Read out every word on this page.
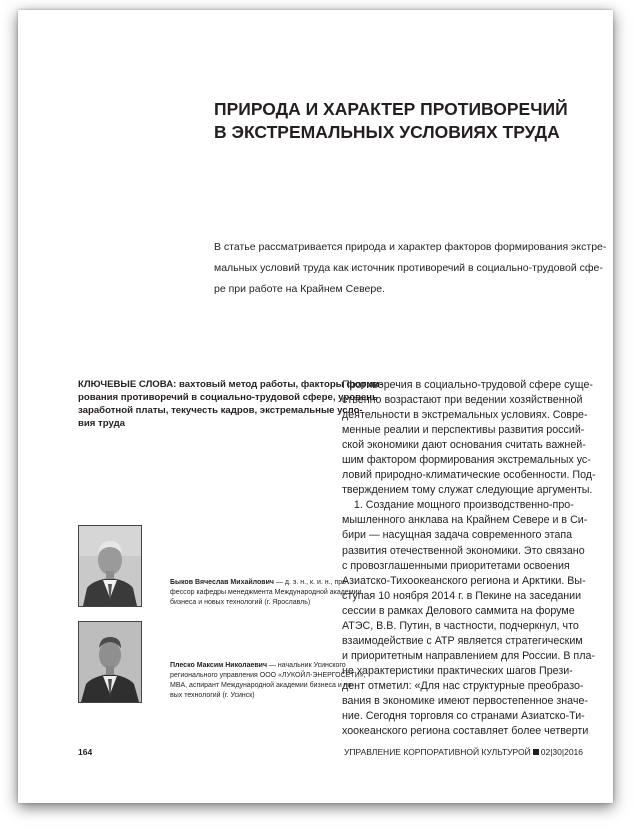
ПРИРОДА И ХАРАКТЕР ПРОТИВОРЕЧИЙ
В ЭКСТРЕМАЛЬНЫХ УСЛОВИЯХ ТРУДА

В статье рассматривается природа и характер факторов формирования экстре-
мальных условий труда как источник противоречий в социально-трудовой сфе-
ре при работе на Крайнем Севере.

КЛЮЧЕВЫЕ СЛОВА: вахтовый метод работы, факторы форми-
рования противоречий в социально-трудовой сфере, уровень
заработной платы, текучесть кадров, экстремальные усло-
вия труда
Быков Вячеслав Михайлович — д. э. н., к. и. н., про-
фессор кафедры менеджмента Международной академии
бизнеса и новых технологий (г. Ярославль)
Плеско Максим Николаевич — начальник Усинского
регионального управления ООО «ЛУКОЙЛ-ЭНЕРГОСЕТИ»,
MBA, аспирант Международной академии бизнеса и но-
вых технологий (г. Усинск)
Противоречия в социально-трудовой сфере суще-
ственно возрастают при ведении хозяйственной
деятельности в экстремальных условиях. Совре-
менные реалии и перспективы развития россий-
ской экономики дают основания считать важней-
шим фактором формирования экстремальных ус-
ловий природно-климатические особенности. Под-
тверждением тому служат следующие аргументы.
1. Создание мощного производственно-про-
мышленного анклава на Крайнем Севере и в Си-
бири — насущная задача современного этапа
развития отечественной экономики. Это связано
с провозглашенными приоритетами освоения
Азиатско-Тихоокеанского региона и Арктики. Вы-
ступая 10 ноября 2014 г. в Пекине на заседании
сессии в рамках Делового саммита на форуме
АТЭС, В.В. Путин, в частности, подчеркнул, что
взаимодействие с АТР является стратегическим
и приоритетным направлением для России. В пла-
не характеристики практических шагов Прези-
дент отметил: «Для нас структурные преобразо-
вания в экономике имеют первостепенное значе-
ние. Сегодня торговля со странами Азиатско-Ти-
хоокеанского региона составляет более четверти
164	УПРАВЛЕНИЕ КОРПОРАТИВНОЙ КУЛЬТУРОЙ 02|30|2016
